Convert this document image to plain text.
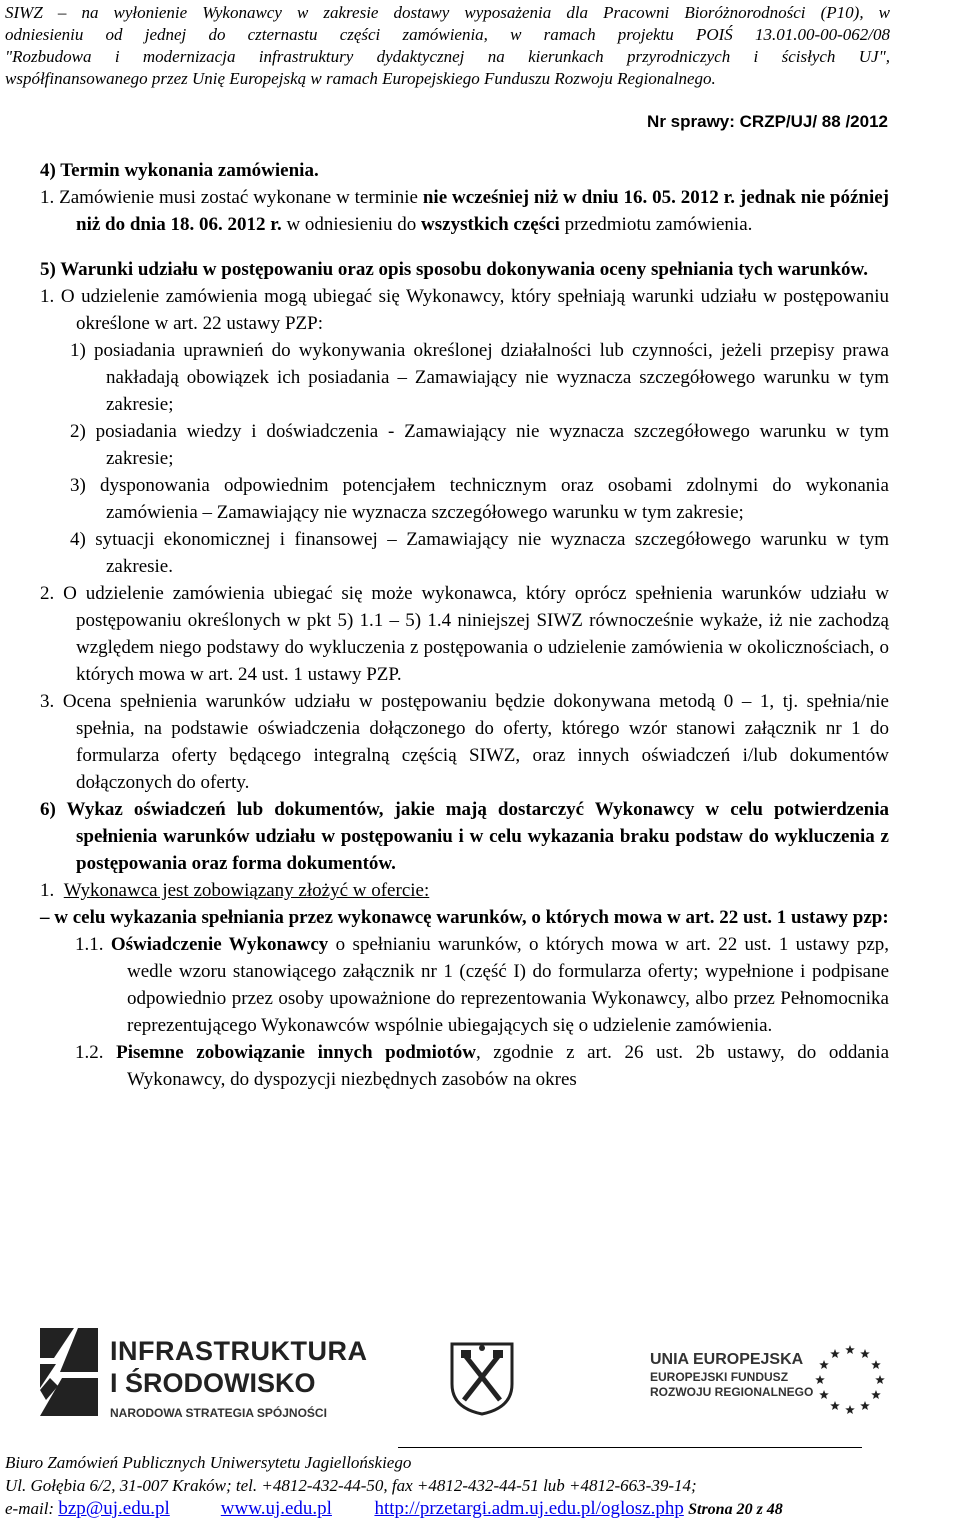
SIWZ – na wyłonienie Wykonawcy w zakresie dostawy wyposażenia dla Pracowni Bioróżnorodności (P10), w
odniesieniu od jednej do czternastu części zamówienia, w ramach projektu POIŚ 13.01.00-00-062/08
"Rozbudowa i modernizacja infrastruktury dydaktycznej na kierunkach przyrodniczych i ścisłych UJ",
współfinansowanego przez Unię Europejską w ramach Europejskiego Funduszu Rozwoju Regionalnego.
Nr sprawy: CRZP/UJ/ 88 /2012

4) Termin wykonania zamówienia.

1. Zamówienie musi zostać wykonane w terminie nie wcześniej niż w dniu 16. 05. 2012 r. jednak nie później niż do dnia 18. 06. 2012 r. w odniesieniu do wszystkich części przedmiotu zamówienia.

5) Warunki udziału w postępowaniu oraz opis sposobu dokonywania oceny spełniania tych warunków.

1. O udzielenie zamówienia mogą ubiegać się Wykonawcy, który spełniają warunki udziału w postępowaniu określone w art. 22 ustawy PZP:

1) posiadania uprawnień do wykonywania określonej działalności lub czynności, jeżeli przepisy prawa nakładają obowiązek ich posiadania – Zamawiający nie wyznacza szczegółowego warunku w tym zakresie;

2) posiadania wiedzy i doświadczenia - Zamawiający nie wyznacza szczegółowego warunku w tym zakresie;

3) dysponowania odpowiednim potencjałem technicznym oraz osobami zdolnymi do wykonania zamówienia – Zamawiający nie wyznacza szczegółowego warunku w tym zakresie;

4) sytuacji ekonomicznej i finansowej – Zamawiający nie wyznacza szczegółowego warunku w tym zakresie.

2. O udzielenie zamówienia ubiegać się może wykonawca, który oprócz spełnienia warunków udziału w postępowaniu określonych w pkt 5) 1.1 – 5) 1.4 niniejszej SIWZ równocześnie wykaże, iż nie zachodzą względem niego podstawy do wykluczenia z postępowania o udzielenie zamówienia w okolicznościach, o których mowa w art. 24 ust. 1 ustawy PZP.

3. Ocena spełnienia warunków udziału w postępowaniu będzie dokonywana metodą 0 – 1, tj. spełnia/nie spełnia, na podstawie oświadczenia dołączonego do oferty, którego wzór stanowi załącznik nr 1 do formularza oferty będącego integralną częścią SIWZ, oraz innych oświadczeń i/lub dokumentów dołączonych do oferty.

6) Wykaz oświadczeń lub dokumentów, jakie mają dostarczyć Wykonawcy w celu potwierdzenia spełnienia warunków udziału w postępowaniu i w celu wykazania braku podstaw do wykluczenia z postępowania oraz forma dokumentów.

1. Wykonawca jest zobowiązany złożyć w ofercie:

– w celu wykazania spełniania przez wykonawcę warunków, o których mowa w art. 22 ust. 1 ustawy pzp:

1.1. Oświadczenie Wykonawcy o spełnianiu warunków, o których mowa w art. 22 ust. 1 ustawy pzp, wedle wzoru stanowiącego załącznik nr 1 (część I) do formularza oferty; wypełnione i podpisane odpowiednio przez osoby upoważnione do reprezentowania Wykonawcy, albo przez Pełnomocnika reprezentującego Wykonawców wspólnie ubiegających się o udzielenie zamówienia.

1.2. Pisemne zobowiązanie innych podmiotów, zgodnie z art. 26 ust. 2b ustawy, do oddania Wykonawcy, do dyspozycji niezbędnych zasobów na okres

INFRASTRUKTURA
I ŚRODOWISKO
NARODOWA STRATEGIA SPÓJNOŚCI
UNIA EUROPEJSKA
EUROPEJSKI FUNDUSZ
ROZWOJU REGIONALNEGO
Biuro Zamówień Publicznych Uniwersytetu Jagiellońskiego
Ul. Gołębia 6/2, 31-007 Kraków; tel. +4812-432-44-50, fax +4812-432-44-51 lub +4812-663-39-14;
e-mail: bzp@uj.edu.pl	www.uj.edu.pl http://przetargi.adm.uj.edu.pl/oglosz.php Strona 20 z 48
